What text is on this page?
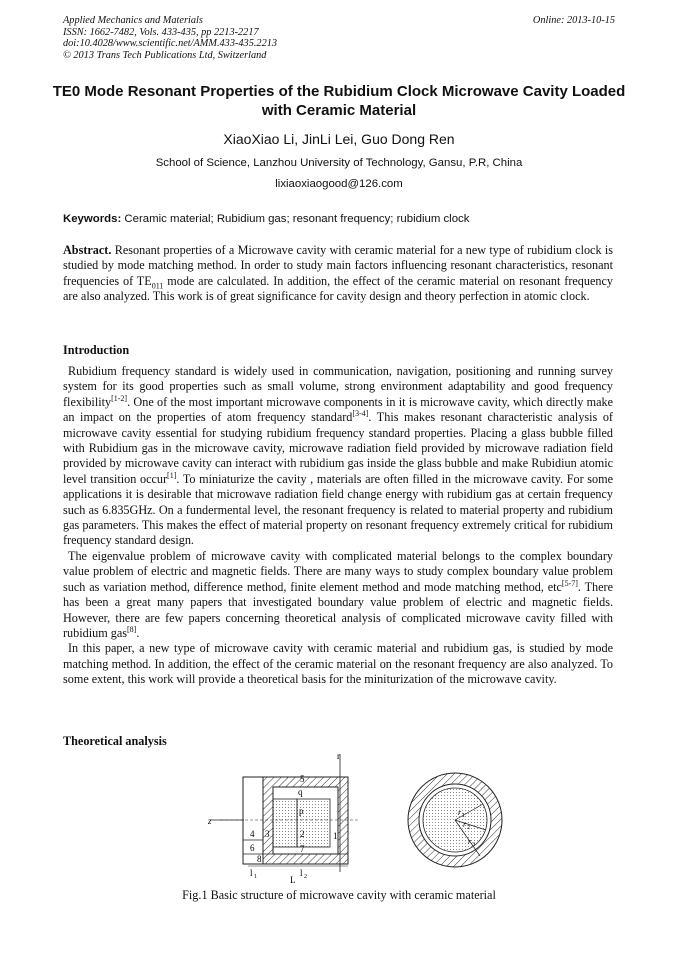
Applied Mechanics and Materials
ISSN: 1662-7482, Vols. 433-435, pp 2213-2217
doi:10.4028/www.scientific.net/AMM.433-435.2213
© 2013 Trans Tech Publications Ltd, Switzerland
Online: 2013-10-15
TE0 Mode Resonant Properties of the Rubidium Clock Microwave Cavity Loaded with Ceramic Material
XiaoXiao Li, JinLi Lei, Guo Dong Ren
School of Science, Lanzhou University of Technology, Gansu, P.R, China
lixiaoxiaogood@126.com
Keywords: Ceramic material; Rubidium gas; resonant frequency; rubidium clock
Abstract. Resonant properties of a Microwave cavity with ceramic material for a new type of rubidium clock is studied by mode matching method. In order to study main factors influencing resonant characteristics, resonant frequencies of $TE_{011}$ mode are calculated. In addition, the effect of the ceramic material on resonant frequency are also analyzed. This work is of great significance for cavity design and theory perfection in atomic clock.
Introduction

Rubidium frequency standard is widely used in communication, navigation, positioning and running survey system for its good properties such as small volume, strong environment adaptability and good frequency flexibility[1-2]. One of the most important microwave components in it is microwave cavity, which directly make an impact on the properties of atom frequency standard[3-4]. This makes resonant characteristic analysis of microwave cavity essential for studying rubidium frequency standard properties. Placing a glass bubble filled with Rubidium gas in the microwave cavity, microwave radiation field provided by microwave radiation field provided by microwave cavity can interact with rubidium gas inside the glass bubble and make Rubidiun atomic level transition occur[1]. To miniaturize the cavity , materials are often filled in the microwave cavity. For some applications it is desirable that microwave radiation field change energy with rubidium gas at certain frequency such as 6.835GHz. On a fundermental level, the resonant frequency is related to material property and rubidium gas parameters. This makes the effect of material property on resonant frequency extremely critical for rubidium frequency standard design.

The eigenvalue problem of microwave cavity with complicated material belongs to the complex boundary value problem of electric and magnetic fields. There are many ways to study complex boundary value problem such as variation method, difference method, finite element method and mode matching method, etc[5-7]. There has been a great many papers that investigated boundary value problem of electric and magnetic fields. However, there are few papers concerning theoretical analysis of complicated microwave cavity filled with rubidium gas[8].

In this paper, a new type of microwave cavity with ceramic material and rubidium gas, is studied by mode matching method. In addition, the effect of the ceramic material on the resonant frequency are also analyzed. To some extent, this work will provide a theoretical basis for the miniturization of the microwave cavity.

Theoretical analysis
r
z
q
p
1
2
3
4
5
6	7
8
l 1	l 2
L
r 1
r 2
r 3
Fig.1 Basic structure of microwave cavity with ceramic material
